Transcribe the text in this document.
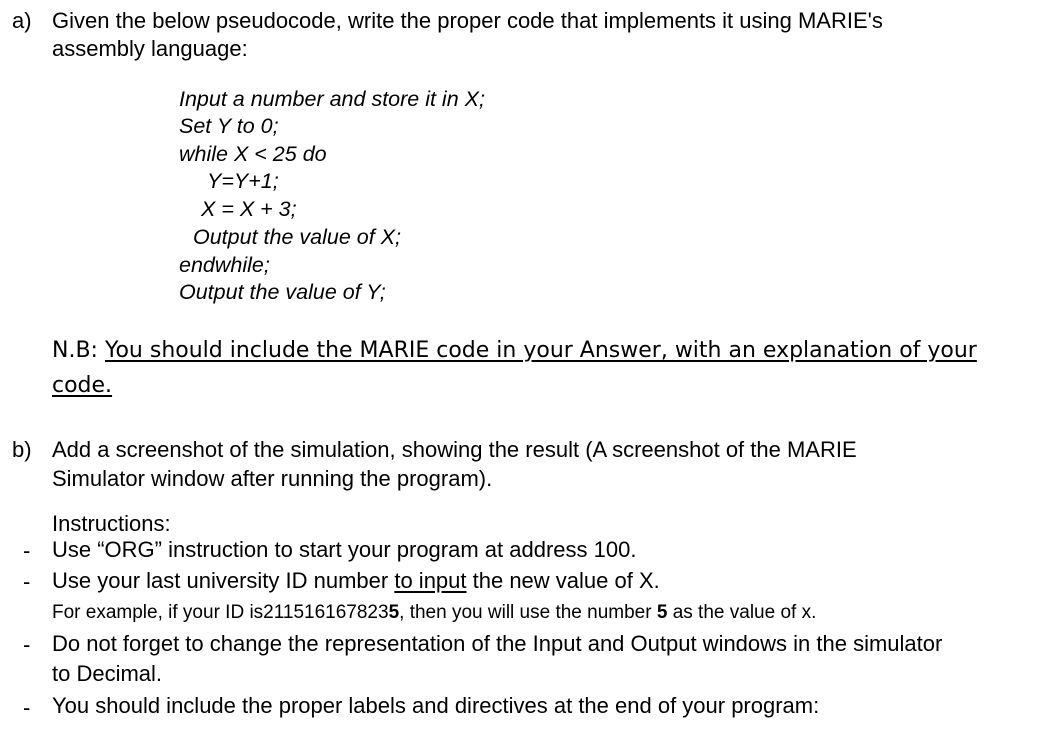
a) Given the below pseudocode, write the proper code that implements it using MARIE's
assembly language:
Input a number and store it in X;
Set Y to 0;
while X < 25 do
Y=Y+1;
X = X + 3;
Output the value of X;
endwhile;
Output the value of Y;
N.B: You should include the MARIE code in your Answer, with an explanation of your
code.
b) Add a screenshot of the simulation, showing the result (A screenshot of the MARIE
Simulator window after running the program).
Instructions:
- Use “ORG” instruction to start your program at address 100.
- Use your last university ID number to input the new value of X.
For example, if your ID is2115161678235, then you will use the number 5 as the value of x.
- Do not forget to change the representation of the Input and Output windows in the simulator
to Decimal.
- You should include the proper labels and directives at the end of your program:
